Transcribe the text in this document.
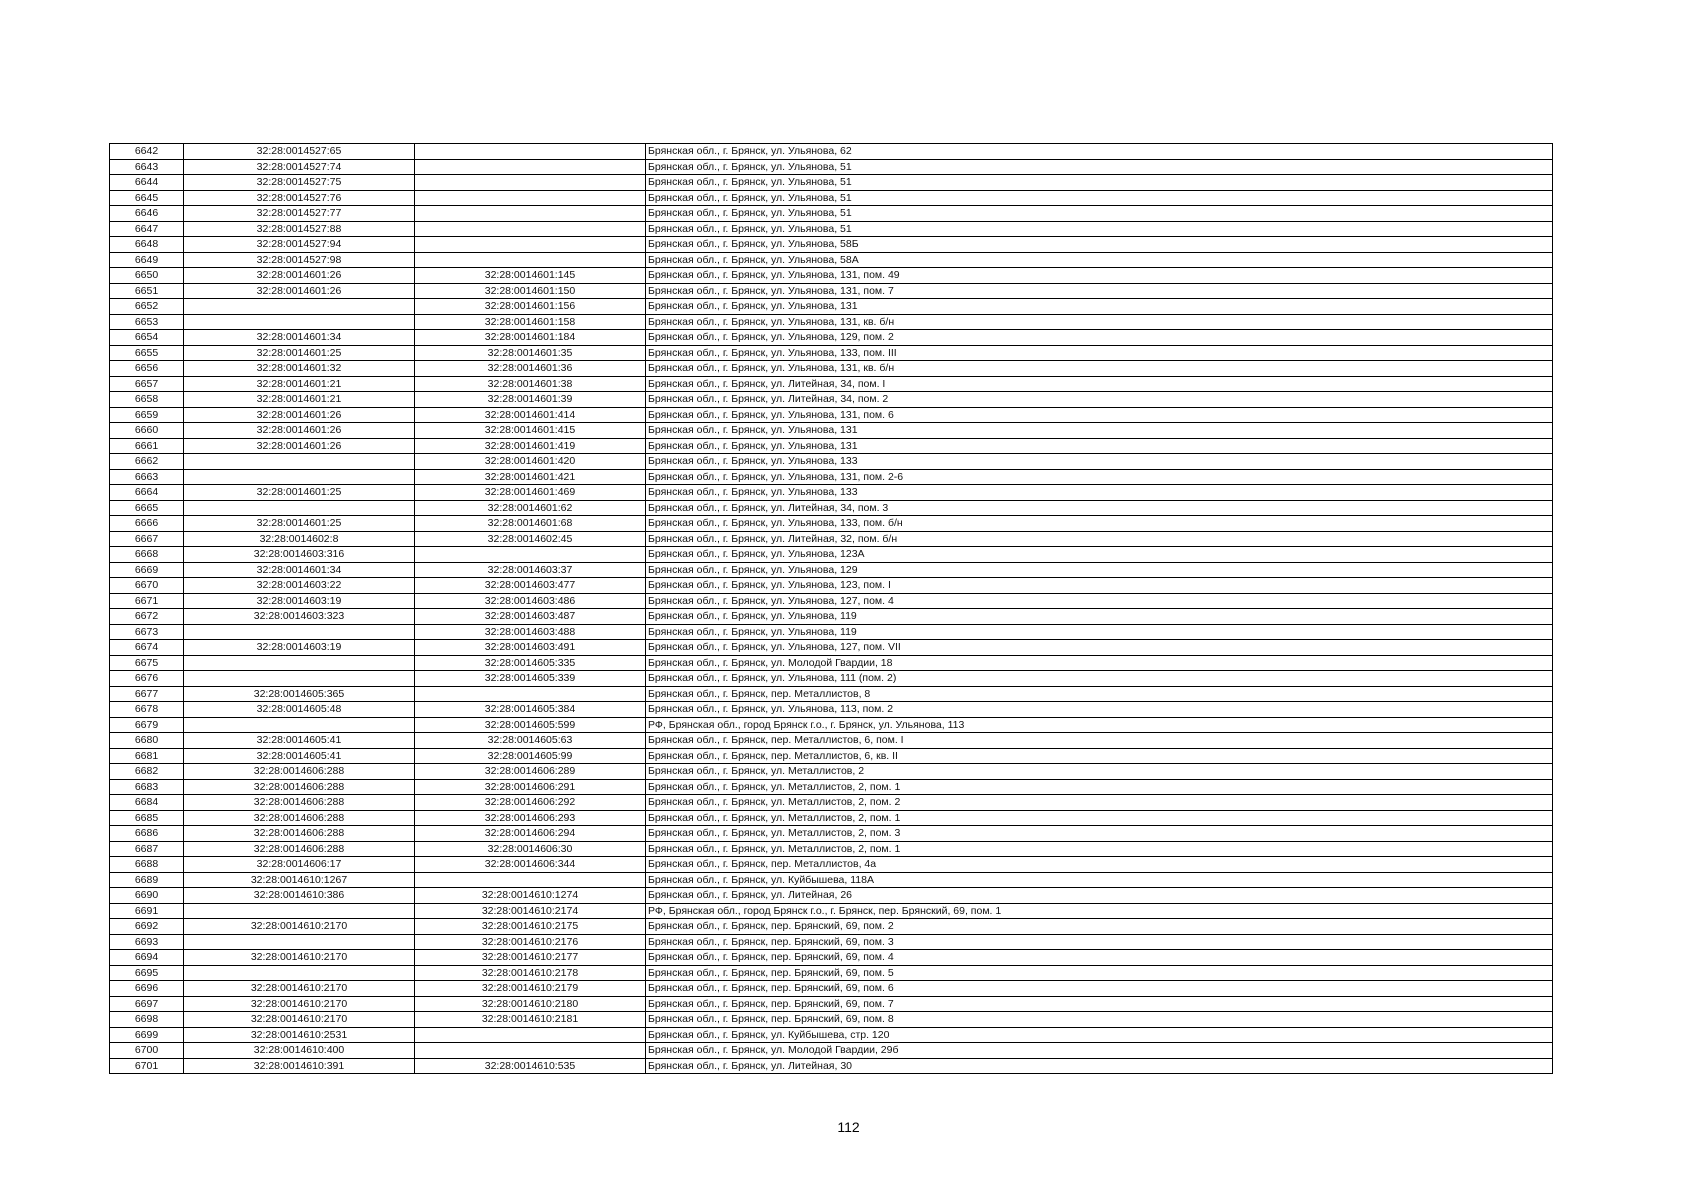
6642	32:28:0014527:65		Брянская обл., г. Брянск, ул. Ульянова, 62
6643	32:28:0014527:74		Брянская обл., г. Брянск, ул. Ульянова, 51
6644	32:28:0014527:75		Брянская обл., г. Брянск, ул. Ульянова, 51
6645	32:28:0014527:76		Брянская обл., г. Брянск, ул. Ульянова, 51
6646	32:28:0014527:77		Брянская обл., г. Брянск, ул. Ульянова, 51
6647	32:28:0014527:88		Брянская обл., г. Брянск, ул. Ульянова, 51
6648	32:28:0014527:94		Брянская обл., г. Брянск, ул. Ульянова, 58Б
6649	32:28:0014527:98		Брянская обл., г. Брянск, ул. Ульянова, 58А
6650	32:28:0014601:26	32:28:0014601:145	Брянская обл., г. Брянск, ул. Ульянова, 131, пом. 49
6651	32:28:0014601:26	32:28:0014601:150	Брянская обл., г. Брянск, ул. Ульянова, 131, пом. 7
6652		32:28:0014601:156	Брянская обл., г. Брянск, ул. Ульянова, 131
6653		32:28:0014601:158	Брянская обл., г. Брянск, ул. Ульянова, 131, кв. б/н
6654	32:28:0014601:34	32:28:0014601:184	Брянская обл., г. Брянск, ул. Ульянова, 129, пом. 2
6655	32:28:0014601:25	32:28:0014601:35	Брянская обл., г. Брянск, ул. Ульянова, 133, пом. III
6656	32:28:0014601:32	32:28:0014601:36	Брянская обл., г. Брянск, ул. Ульянова, 131, кв. б/н
6657	32:28:0014601:21	32:28:0014601:38	Брянская обл., г. Брянск, ул. Литейная, 34, пом. I
6658	32:28:0014601:21	32:28:0014601:39	Брянская обл., г. Брянск, ул. Литейная, 34, пом. 2
6659	32:28:0014601:26	32:28:0014601:414	Брянская обл., г. Брянск, ул. Ульянова, 131, пом. 6
6660	32:28:0014601:26	32:28:0014601:415	Брянская обл., г. Брянск, ул. Ульянова, 131
6661	32:28:0014601:26	32:28:0014601:419	Брянская обл., г. Брянск, ул. Ульянова, 131
6662		32:28:0014601:420	Брянская обл., г. Брянск, ул. Ульянова, 133
6663		32:28:0014601:421	Брянская обл., г. Брянск, ул. Ульянова, 131, пом. 2-6
6664	32:28:0014601:25	32:28:0014601:469	Брянская обл., г. Брянск, ул. Ульянова, 133
6665		32:28:0014601:62	Брянская обл., г. Брянск, ул. Литейная, 34, пом. 3
6666	32:28:0014601:25	32:28:0014601:68	Брянская обл., г. Брянск, ул. Ульянова, 133, пом. б/н
6667	32:28:0014602:8	32:28:0014602:45	Брянская обл., г. Брянск, ул. Литейная, 32, пом. б/н
6668	32:28:0014603:316		Брянская обл., г. Брянск, ул. Ульянова, 123А
6669	32:28:0014601:34	32:28:0014603:37	Брянская обл., г. Брянск, ул. Ульянова, 129
6670	32:28:0014603:22	32:28:0014603:477	Брянская обл., г. Брянск, ул. Ульянова, 123, пом. I
6671	32:28:0014603:19	32:28:0014603:486	Брянская обл., г. Брянск, ул. Ульянова, 127, пом. 4
6672	32:28:0014603:323	32:28:0014603:487	Брянская обл., г. Брянск, ул. Ульянова, 119
6673		32:28:0014603:488	Брянская обл., г. Брянск, ул. Ульянова, 119
6674	32:28:0014603:19	32:28:0014603:491	Брянская обл., г. Брянск, ул. Ульянова, 127, пом. VII
6675		32:28:0014605:335	Брянская обл., г. Брянск, ул. Молодой Гвардии, 18
6676		32:28:0014605:339	Брянская обл., г. Брянск, ул. Ульянова, 111 (пом. 2)
6677	32:28:0014605:365		Брянская обл., г. Брянск, пер. Металлистов, 8
6678	32:28:0014605:48	32:28:0014605:384	Брянская обл., г. Брянск, ул. Ульянова, 113, пом. 2
6679		32:28:0014605:599	РФ, Брянская обл., город Брянск г.о., г. Брянск, ул. Ульянова, 113
6680	32:28:0014605:41	32:28:0014605:63	Брянская обл., г. Брянск, пер. Металлистов, 6, пом. I
6681	32:28:0014605:41	32:28:0014605:99	Брянская обл., г. Брянск, пер. Металлистов, 6, кв. II
6682	32:28:0014606:288	32:28:0014606:289	Брянская обл., г. Брянск, ул. Металлистов, 2
6683	32:28:0014606:288	32:28:0014606:291	Брянская обл., г. Брянск, ул. Металлистов, 2, пом. 1
6684	32:28:0014606:288	32:28:0014606:292	Брянская обл., г. Брянск, ул. Металлистов, 2, пом. 2
6685	32:28:0014606:288	32:28:0014606:293	Брянская обл., г. Брянск, ул. Металлистов, 2, пом. 1
6686	32:28:0014606:288	32:28:0014606:294	Брянская обл., г. Брянск, ул. Металлистов, 2, пом. 3
6687	32:28:0014606:288	32:28:0014606:30	Брянская обл., г. Брянск, ул. Металлистов, 2, пом. 1
6688	32:28:0014606:17	32:28:0014606:344	Брянская обл., г. Брянск, пер. Металлистов, 4а
6689	32:28:0014610:1267		Брянская обл., г. Брянск, ул. Куйбышева, 118А
6690	32:28:0014610:386	32:28:0014610:1274	Брянская обл., г. Брянск, ул. Литейная, 26
6691		32:28:0014610:2174	РФ, Брянская обл., город Брянск г.о., г. Брянск, пер. Брянский, 69, пом. 1
6692	32:28:0014610:2170	32:28:0014610:2175	Брянская обл., г. Брянск, пер. Брянский, 69, пом. 2
6693		32:28:0014610:2176	Брянская обл., г. Брянск, пер. Брянский, 69, пом. 3
6694	32:28:0014610:2170	32:28:0014610:2177	Брянская обл., г. Брянск, пер. Брянский, 69, пом. 4
6695		32:28:0014610:2178	Брянская обл., г. Брянск, пер. Брянский, 69, пом. 5
6696	32:28:0014610:2170	32:28:0014610:2179	Брянская обл., г. Брянск, пер. Брянский, 69, пом. 6
6697	32:28:0014610:2170	32:28:0014610:2180	Брянская обл., г. Брянск, пер. Брянский, 69, пом. 7
6698	32:28:0014610:2170	32:28:0014610:2181	Брянская обл., г. Брянск, пер. Брянский, 69, пом. 8
6699	32:28:0014610:2531		Брянская обл., г. Брянск, ул. Куйбышева, стр. 120
6700	32:28:0014610:400		Брянская обл., г. Брянск, ул. Молодой Гвардии, 29б
6701	32:28:0014610:391	32:28:0014610:535	Брянская обл., г. Брянск, ул. Литейная, 30
112
